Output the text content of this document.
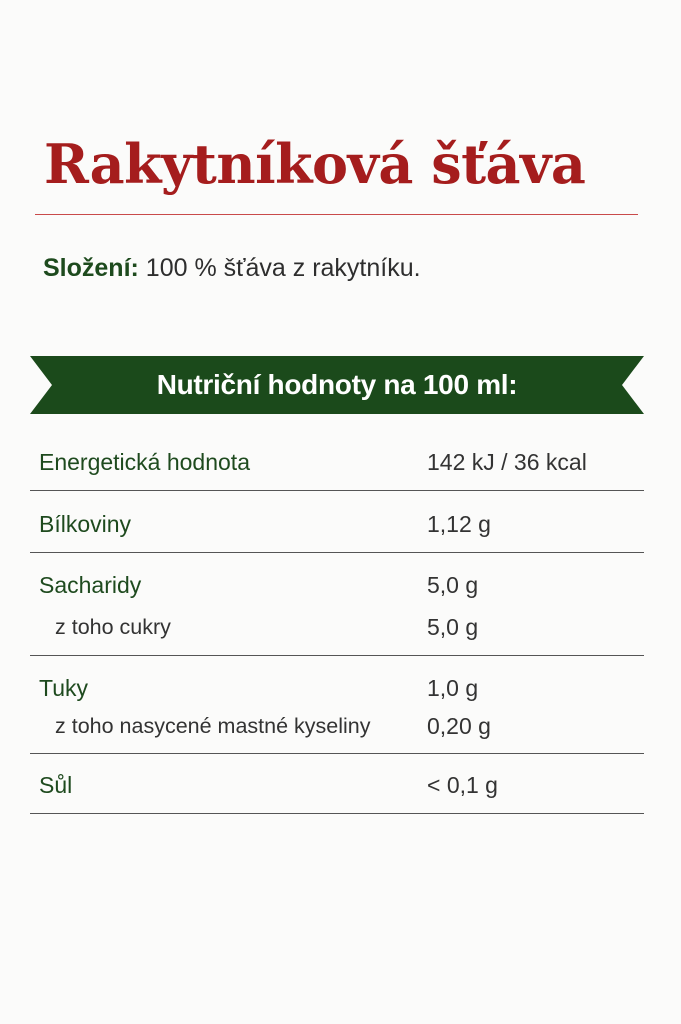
Rakytníková šťáva
Složení: 100 % šťáva z rakytníku.
Nutriční hodnoty na 100 ml:
Energetická hodnota	142 kJ / 36 kcal
Bílkoviny	1,12 g
Sacharidy	5,0 g
z toho cukry	5,0 g
Tuky	1,0 g
z toho nasycené mastné kyseliny 0,20 g
Sůl	< 0,1 g
